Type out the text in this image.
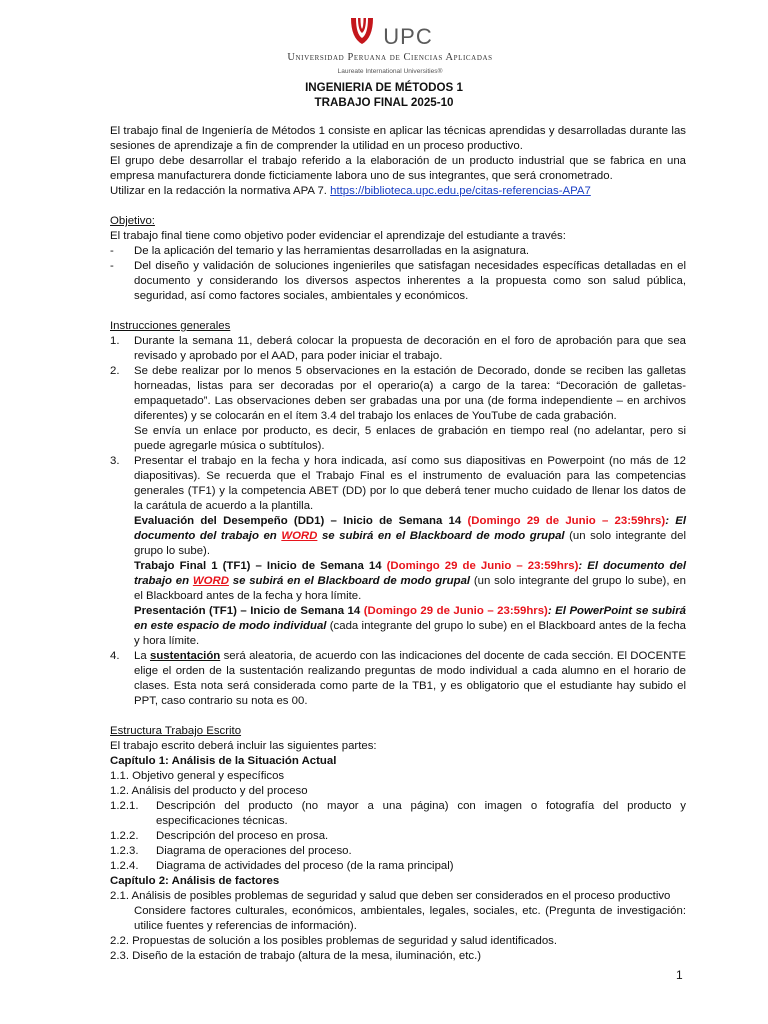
UPC
Universidad Peruana de Ciencias Aplicadas
Laureate International Universities®
INGENIERIA DE MÉTODOS 1
TRABAJO FINAL 2025-10

El trabajo final de Ingeniería de Métodos 1 consiste en aplicar las técnicas aprendidas y desarrolladas durante las sesiones de aprendizaje a fin de comprender la utilidad en un proceso productivo.

El grupo debe desarrollar el trabajo referido a la elaboración de un producto industrial que se fabrica en una empresa manufacturera donde ficticiamente labora uno de sus integrantes, que será cronometrado.

Utilizar en la redacción la normativa APA 7. https://biblioteca.upc.edu.pe/citas-referencias-APA7

Objetivo:

El trabajo final tiene como objetivo poder evidenciar el aprendizaje del estudiante a través:

-	De la aplicación del temario y las herramientas desarrolladas en la asignatura.
-	Del diseño y validación de soluciones ingenieriles que satisfagan necesidades específicas detalladas en el documento y considerando los diversos aspectos inherentes a la propuesta como son salud pública, seguridad, así como factores sociales, ambientales y económicos.

Instrucciones generales

1.	Durante la semana 11, deberá colocar la propuesta de decoración en el foro de aprobación para que sea revisado y aprobado por el AAD, para poder iniciar el trabajo.
2.	Se debe realizar por lo menos 5 observaciones en la estación de Decorado, donde se reciben las galletas horneadas, listas para ser decoradas por el operario(a) a cargo de la tarea: “Decoración de galletas-empaquetado”. Las observaciones deben ser grabadas una por una (de forma independiente – en archivos diferentes) y se colocarán en el ítem 3.4 del trabajo los enlaces de YouTube de cada grabación.

Se envía un enlace por producto, es decir, 5 enlaces de grabación en tiempo real (no adelantar, pero si puede agregarle música o subtítulos).

3.	Presentar el trabajo en la fecha y hora indicada, así como sus diapositivas en Powerpoint (no más de 12 diapositivas). Se recuerda que el Trabajo Final es el instrumento de evaluación para las competencias generales (TF1) y la competencia ABET (DD) por lo que deberá tener mucho cuidado de llenar los datos de la carátula de acuerdo a la plantilla.

Evaluación del Desempeño (DD1) – Inicio de Semana 14 (Domingo 29 de Junio – 23:59hrs): El documento del trabajo en WORD se subirá en el Blackboard de modo grupal (un solo integrante del grupo lo sube).

Trabajo Final 1 (TF1) – Inicio de Semana 14 (Domingo 29 de Junio – 23:59hrs): El documento del trabajo en WORD se subirá en el Blackboard de modo grupal (un solo integrante del grupo lo sube), en el Blackboard antes de la fecha y hora límite.

Presentación (TF1) – Inicio de Semana 14 (Domingo 29 de Junio – 23:59hrs): El PowerPoint se subirá en este espacio de modo individual (cada integrante del grupo lo sube) en el Blackboard antes de la fecha y hora límite.

4.	La sustentación será aleatoria, de acuerdo con las indicaciones del docente de cada sección. El DOCENTE elige el orden de la sustentación realizando preguntas de modo individual a cada alumno en el horario de clases. Esta nota será considerada como parte de la TB1, y es obligatorio que el estudiante hay subido el PPT, caso contrario su nota es 00.

Estructura Trabajo Escrito

El trabajo escrito deberá incluir las siguientes partes:

Capítulo 1: Análisis de la Situación Actual

1.1. Objetivo general y específicos

1.2. Análisis del producto y del proceso

1.2.1.	Descripción del producto (no mayor a una página) con imagen o fotografía del producto y especificaciones técnicas.
1.2.2.	Descripción del proceso en prosa.
1.2.3.	Diagrama de operaciones del proceso.
1.2.4.	Diagrama de actividades del proceso (de la rama principal)

Capítulo 2: Análisis de factores

2.1. Análisis de posibles problemas de seguridad y salud que deben ser considerados en el proceso productivo

Considere factores culturales, económicos, ambientales, legales, sociales, etc. (Pregunta de investigación: utilice fuentes y referencias de información).

2.2. Propuestas de solución a los posibles problemas de seguridad y salud identificados.

2.3. Diseño de la estación de trabajo (altura de la mesa, iluminación, etc.)

1
